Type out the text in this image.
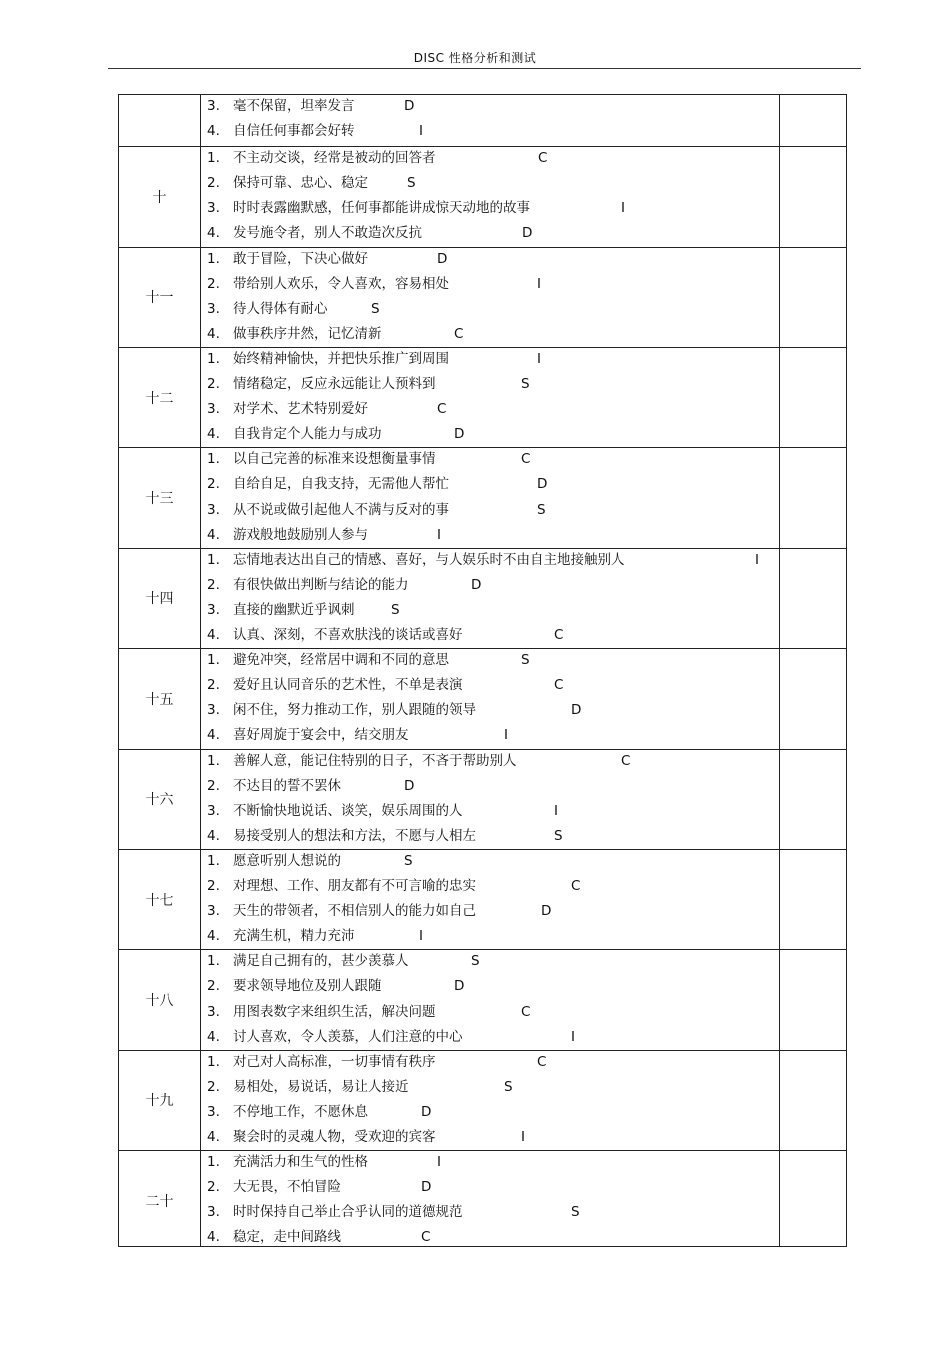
DISC 性格分析和测试
3. 毫不保留，坦率发言	D
4. 自信任何事都会好转	I
十
1. 不主动交谈，经常是被动的回答者	C
2. 保持可靠、忠心、稳定	S
3. 时时表露幽默感，任何事都能讲成惊天动地的故事	I
4. 发号施令者，别人不敢造次反抗	D
十一
1. 敢于冒险，下决心做好	D
2. 带给别人欢乐，令人喜欢，容易相处	I
3. 待人得体有耐心	S
4. 做事秩序井然，记忆清新	C
十二
1. 始终精神愉快，并把快乐推广到周围	I
2. 情绪稳定，反应永远能让人预料到	S
3. 对学术、艺术特别爱好	C
4. 自我肯定个人能力与成功	D
十三
1. 以自己完善的标准来设想衡量事情	C
2. 自给自足，自我支持，无需他人帮忙	D
3. 从不说或做引起他人不满与反对的事	S
4. 游戏般地鼓励别人参与	I
十四
1. 忘情地表达出自己的情感、喜好，与人娱乐时不由自主地接触别人	I
2. 有很快做出判断与结论的能力	D
3. 直接的幽默近乎讽刺	S
4. 认真、深刻，不喜欢肤浅的谈话或喜好	C
十五
1. 避免冲突，经常居中调和不同的意思	S
2. 爱好且认同音乐的艺术性，不单是表演	C
3. 闲不住，努力推动工作，别人跟随的领导	D
4. 喜好周旋于宴会中，结交朋友	I
十六
1. 善解人意，能记住特别的日子，不吝于帮助别人	C
2. 不达目的誓不罢休	D
3. 不断愉快地说话、谈笑，娱乐周围的人	I
4. 易接受别人的想法和方法，不愿与人相左	S
十七
1. 愿意听别人想说的	S
2. 对理想、工作、朋友都有不可言喻的忠实	C
3. 天生的带领者，不相信别人的能力如自己	D
4. 充满生机，精力充沛	I
十八
1. 满足自己拥有的，甚少羡慕人	S
2. 要求领导地位及别人跟随	D
3. 用图表数字来组织生活，解决问题	C
4. 讨人喜欢，令人羡慕，人们注意的中心	I
十九
1. 对己对人高标准，一切事情有秩序	C
2. 易相处，易说话，易让人接近	S
3. 不停地工作，不愿休息	D
4. 聚会时的灵魂人物，受欢迎的宾客	I
二十
1. 充满活力和生气的性格	I
2. 大无畏，不怕冒险	D
3. 时时保持自己举止合乎认同的道德规范	S
4. 稳定，走中间路线	C
